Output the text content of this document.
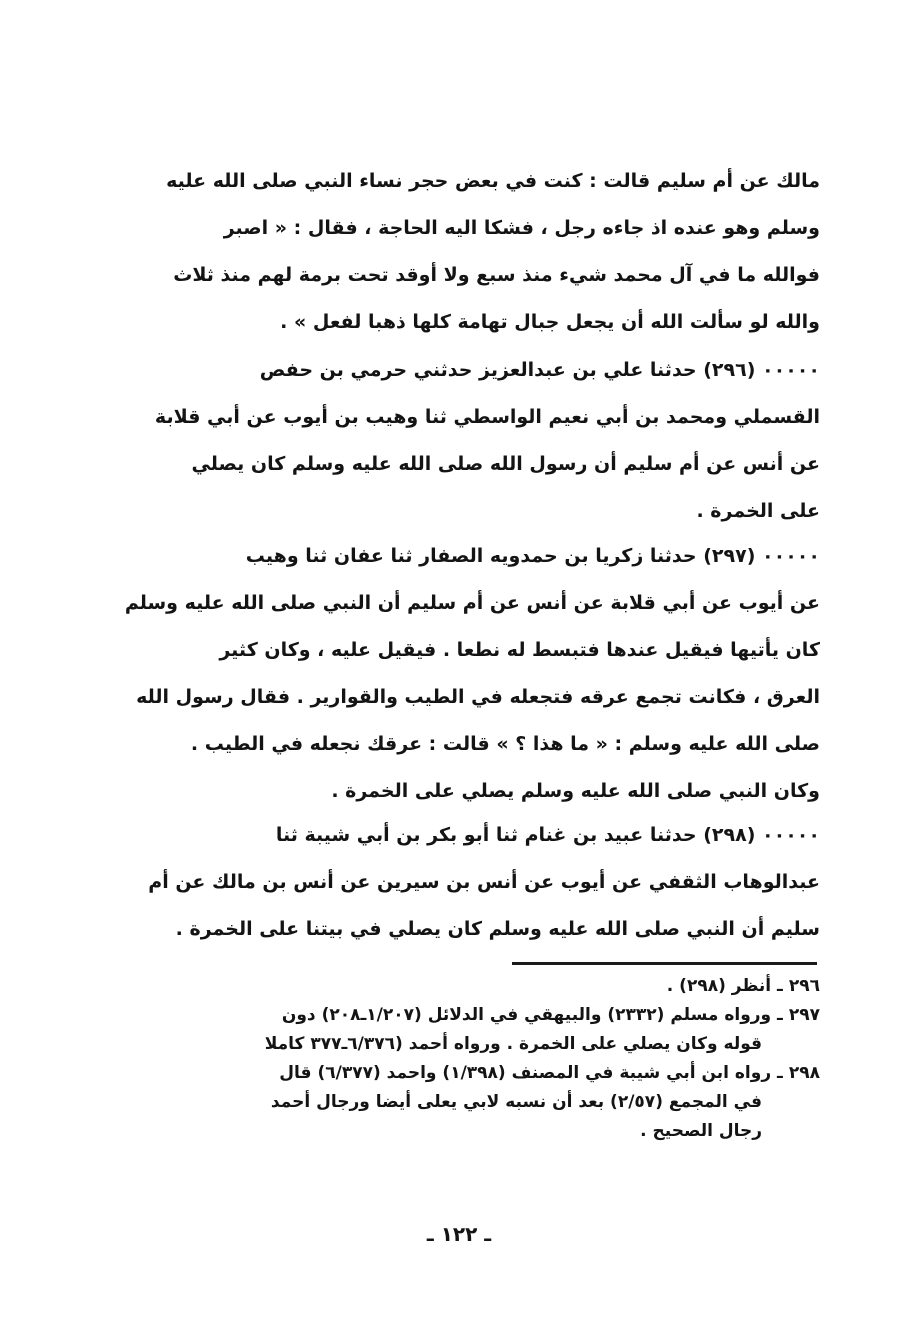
مالك عن أم سليم قالت : كنت في بعض حجر نساء النبي صلى الله عليه
وسلم وهو عنده اذ جاءه رجل ، فشكا اليه الحاجة ، فقال : « اصبر
فوالله ما في آل محمد شيء منذ سبع ولا أوقد تحت برمة لهم منذ ثلاث
والله لو سألت الله أن يجعل جبال تهامة كلها ذهبا لفعل » .
٠٠٠٠٠ (٢٩٦) حدثنا علي بن عبدالعزيز حدثني حرمي بن حفص
القسملي ومحمد بن أبي نعيم الواسطي ثنا وهيب بن أيوب عن أبي قلابة
عن أنس عن أم سليم أن رسول الله صلى الله عليه وسلم كان يصلي
على الخمرة .
٠٠٠٠٠ (٢٩٧) حدثنا زكريا بن حمدويه الصفار ثنا عفان ثنا وهيب
عن أيوب عن أبي قلابة عن أنس عن أم سليم أن النبي صلى الله عليه وسلم
كان يأتيها فيقيل عندها فتبسط له نطعا . فيقيل عليه ، وكان كثير
العرق ، فكانت تجمع عرقه فتجعله في الطيب والقوارير . فقال رسول الله
صلى الله عليه وسلم : « ما هذا ؟ » قالت : عرقك نجعله في الطيب .
وكان النبي صلى الله عليه وسلم يصلي على الخمرة .
٠٠٠٠٠ (٢٩٨) حدثنا عبيد بن غنام ثنا أبو بكر بن أبي شيبة ثنا
عبدالوهاب الثقفي عن أيوب عن أنس بن سيرين عن أنس بن مالك عن أم
سليم أن النبي صلى الله عليه وسلم كان يصلي في بيتنا على الخمرة .
٢٩٦ـ أنظر (٢٩٨) .
٢٩٧ـ ورواه مسلم (٢٣٣٢) والبيهقي في الدلائل (١/٢٠٧ـ٢٠٨) دون
قوله وكان يصلي على الخمرة . ورواه أحمد (٦/٣٧٦ـ٣٧٧ كاملا
٢٩٨ـ رواه ابن أبي شيبة في المصنف (١/٣٩٨) واحمد (٦/٣٧٧) قال
في المجمع (٢/٥٧) بعد أن نسبه لابي يعلى أيضا ورجال أحمد
رجال الصحيح .
ـ ١٢٢ ـ
